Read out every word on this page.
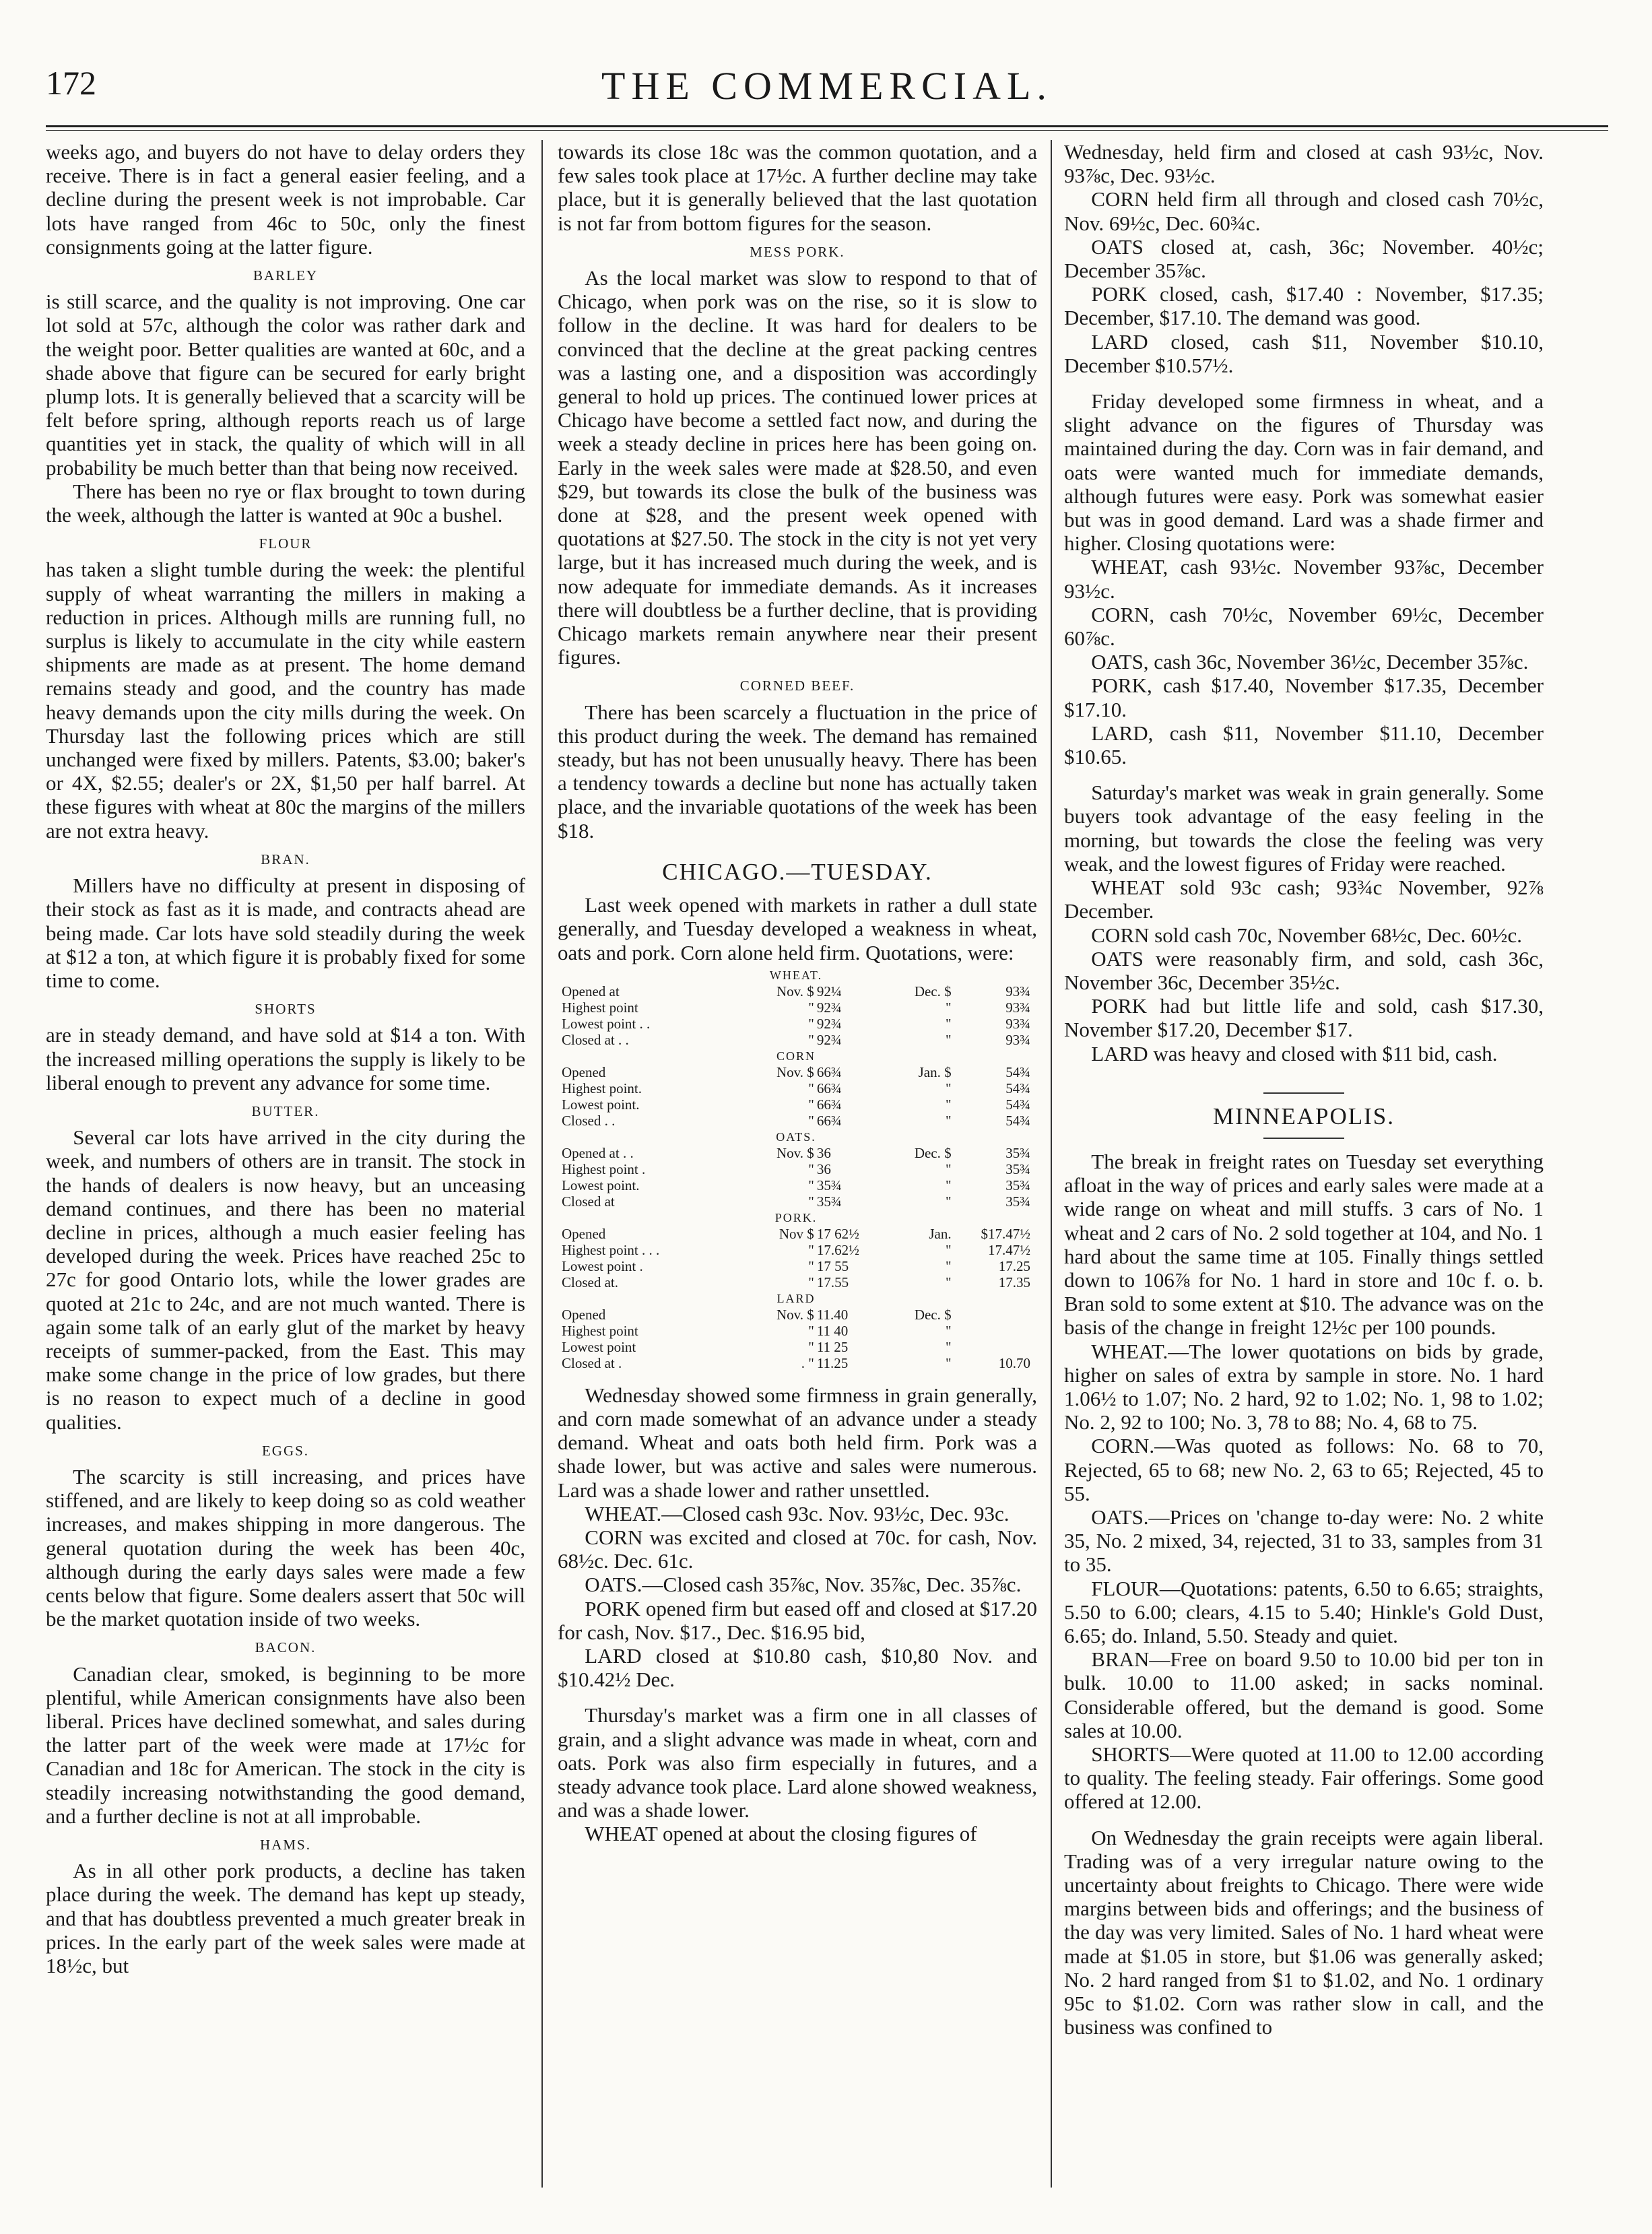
172	THE COMMERCIAL.

weeks ago, and buyers do not have to delay orders they receive. There is in fact a general easier feeling, and a decline during the present week is not improbable. Car lots have ranged from 46c to 50c, only the finest consignments going at the latter figure.

BARLEY

is still scarce, and the quality is not improving. One car lot sold at 57c, although the color was rather dark and the weight poor. Better qualities are wanted at 60c, and a shade above that figure can be secured for early bright plump lots. It is generally believed that a scarcity will be felt before spring, although reports reach us of large quantities yet in stack, the quality of which will in all probability be much better than that being now received.

There has been no rye or flax brought to town during the week, although the latter is wanted at 90c a bushel.

FLOUR

has taken a slight tumble during the week: the plentiful supply of wheat warranting the millers in making a reduction in prices. Although mills are running full, no surplus is likely to accumulate in the city while eastern shipments are made as at present. The home demand remains steady and good, and the country has made heavy demands upon the city mills during the week. On Thursday last the following prices which are still unchanged were fixed by millers. Patents, $3.00; baker's or 4X, $2.55; dealer's or 2X, $1,50 per half barrel. At these figures with wheat at 80c the margins of the millers are not extra heavy.

BRAN.

Millers have no difficulty at present in disposing of their stock as fast as it is made, and contracts ahead are being made. Car lots have sold steadily during the week at $12 a ton, at which figure it is probably fixed for some time to come.

SHORTS

are in steady demand, and have sold at $14 a ton. With the increased milling operations the supply is likely to be liberal enough to prevent any advance for some time.

BUTTER.

Several car lots have arrived in the city during the week, and numbers of others are in transit. The stock in the hands of dealers is now heavy, but an unceasing demand continues, and there has been no material decline in prices, although a much easier feeling has developed during the week. Prices have reached 25c to 27c for good Ontario lots, while the lower grades are quoted at 21c to 24c, and are not much wanted. There is again some talk of an early glut of the market by heavy receipts of summer-packed, from the East. This may make some change in the price of low grades, but there is no reason to expect much of a decline in good qualities.

EGGS.

The scarcity is still increasing, and prices have stiffened, and are likely to keep doing so as cold weather increases, and makes shipping in more dangerous. The general quotation during the week has been 40c, although during the early days sales were made a few cents below that figure. Some dealers assert that 50c will be the market quotation inside of two weeks.

BACON.

Canadian clear, smoked, is beginning to be more plentiful, while American consignments have also been liberal. Prices have declined somewhat, and sales during the latter part of the week were made at 17½c for Canadian and 18c for American. The stock in the city is steadily increasing notwithstanding the good demand, and a further decline is not at all improbable.

HAMS.

As in all other pork products, a decline has taken place during the week. The demand has kept up steady, and that has doubtless prevented a much greater break in prices. In the early part of the week sales were made at 18½c, but

towards its close 18c was the common quotation, and a few sales took place at 17½c. A further decline may take place, but it is generally believed that the last quotation is not far from bottom figures for the season.

MESS PORK.

As the local market was slow to respond to that of Chicago, when pork was on the rise, so it is slow to follow in the decline. It was hard for dealers to be convinced that the decline at the great packing centres was a lasting one, and a disposition was accordingly general to hold up prices. The continued lower prices at Chicago have become a settled fact now, and during the week a steady decline in prices here has been going on. Early in the week sales were made at $28.50, and even $29, but towards its close the bulk of the business was done at $28, and the present week opened with quotations at $27.50. The stock in the city is not yet very large, but it has increased much during the week, and is now adequate for immediate demands. As it increases there will doubtless be a further decline, that is providing Chicago markets remain anywhere near their present figures.

CORNED BEEF.

There has been scarcely a fluctuation in the price of this product during the week. The demand has remained steady, but has not been unusually heavy. There has been a tendency towards a decline but none has actually taken place, and the invariable quotations of the week has been $18.

CHICAGO.—TUESDAY.

Last week opened with markets in rather a dull state generally, and Tuesday developed a weakness in wheat, oats and pork. Corn alone held firm. Quotations, were:

WHEAT.				
Opened at	Nov. $	92¼	Dec. $	93¾
Highest point	"	92¾	"	93¾
Lowest point . .	"	92¾	"	93¾
Closed at . .	"	92¾	"	93¾
CORN				
Opened	Nov. $	66¾	Jan. $	54¾
Highest point.	"	66¾	"	54¾
Lowest point.	"	66¾	"	54¾
Closed . .	"	66¾	"	54¾
OATS.				
Opened at . .	Nov. $	36	Dec. $	35¾
Highest point .	"	36	"	35¾
Lowest point.	"	35¾	"	35¾
Closed at	"	35¾	"	35¾
PORK.				
Opened	Nov $	17 62½	Jan.	$17.47½
Highest point . . .	"	17.62½	"	17.47½
Lowest point .	"	17 55	"	17.25
Closed at.	"	17.55	"	17.35
LARD				
Opened	Nov. $	11.40	Dec. $	
Highest point	"	11 40	"	
Lowest point	"	11 25	"	
Closed at .	. "	11.25	"	10.70

Wednesday showed some firmness in grain generally, and corn made somewhat of an advance under a steady demand. Wheat and oats both held firm. Pork was a shade lower, but was active and sales were numerous. Lard was a shade lower and rather unsettled.

WHEAT.—Closed cash 93c. Nov. 93½c, Dec. 93c.

CORN was excited and closed at 70c. for cash, Nov. 68½c. Dec. 61c.

OATS.—Closed cash 35⅞c, Nov. 35⅞c, Dec. 35⅞c.

PORK opened firm but eased off and closed at $17.20 for cash, Nov. $17., Dec. $16.95 bid,

LARD closed at $10.80 cash, $10,80 Nov. and $10.42½ Dec.

Thursday's market was a firm one in all classes of grain, and a slight advance was made in wheat, corn and oats. Pork was also firm especially in futures, and a steady advance took place. Lard alone showed weakness, and was a shade lower.

WHEAT opened at about the closing figures of

Wednesday, held firm and closed at cash 93½c, Nov. 93⅞c, Dec. 93½c.

CORN held firm all through and closed cash 70½c, Nov. 69½c, Dec. 60¾c.

OATS closed at, cash, 36c; November. 40½c; December 35⅞c.

PORK closed, cash, $17.40 : November, $17.35; December, $17.10. The demand was good.

LARD closed, cash $11, November $10.10, December $10.57½.

Friday developed some firmness in wheat, and a slight advance on the figures of Thursday was maintained during the day. Corn was in fair demand, and oats were wanted much for immediate demands, although futures were easy. Pork was somewhat easier but was in good demand. Lard was a shade firmer and higher. Closing quotations were:

WHEAT, cash 93½c. November 93⅞c, December 93½c.

CORN, cash 70½c, November 69½c, December 60⅞c.

OATS, cash 36c, November 36½c, December 35⅞c.

PORK, cash $17.40, November $17.35, December $17.10.

LARD, cash $11, November $11.10, December $10.65.

Saturday's market was weak in grain generally. Some buyers took advantage of the easy feeling in the morning, but towards the close the feeling was very weak, and the lowest figures of Friday were reached.

WHEAT sold 93c cash; 93¾c November, 92⅞ December.

CORN sold cash 70c, November 68½c, Dec. 60½c.

OATS were reasonably firm, and sold, cash 36c, November 36c, December 35½c.

PORK had but little life and sold, cash $17.30, November $17.20, December $17.

LARD was heavy and closed with $11 bid, cash.

MINNEAPOLIS.

The break in freight rates on Tuesday set everything afloat in the way of prices and early sales were made at a wide range on wheat and mill stuffs. 3 cars of No. 1 wheat and 2 cars of No. 2 sold together at 104, and No. 1 hard about the same time at 105. Finally things settled down to 106⅞ for No. 1 hard in store and 10c f. o. b. Bran sold to some extent at $10. The advance was on the basis of the change in freight 12½c per 100 pounds.

WHEAT.—The lower quotations on bids by grade, higher on sales of extra by sample in store. No. 1 hard 1.06½ to 1.07; No. 2 hard, 92 to 1.02; No. 1, 98 to 1.02; No. 2, 92 to 100; No. 3, 78 to 88; No. 4, 68 to 75.

CORN.—Was quoted as follows: No. 68 to 70, Rejected, 65 to 68; new No. 2, 63 to 65; Rejected, 45 to 55.

OATS.—Prices on 'change to-day were: No. 2 white 35, No. 2 mixed, 34, rejected, 31 to 33, samples from 31 to 35.

FLOUR—Quotations: patents, 6.50 to 6.65; straights, 5.50 to 6.00; clears, 4.15 to 5.40; Hinkle's Gold Dust, 6.65; do. Inland, 5.50. Steady and quiet.

BRAN—Free on board 9.50 to 10.00 bid per ton in bulk. 10.00 to 11.00 asked; in sacks nominal. Considerable offered, but the demand is good. Some sales at 10.00.

SHORTS—Were quoted at 11.00 to 12.00 according to quality. The feeling steady. Fair offerings. Some good offered at 12.00.

On Wednesday the grain receipts were again liberal. Trading was of a very irregular nature owing to the uncertainty about freights to Chicago. There were wide margins between bids and offerings; and the business of the day was very limited. Sales of No. 1 hard wheat were made at $1.05 in store, but $1.06 was generally asked; No. 2 hard ranged from $1 to $1.02, and No. 1 ordinary 95c to $1.02. Corn was rather slow in call, and the business was confined to
